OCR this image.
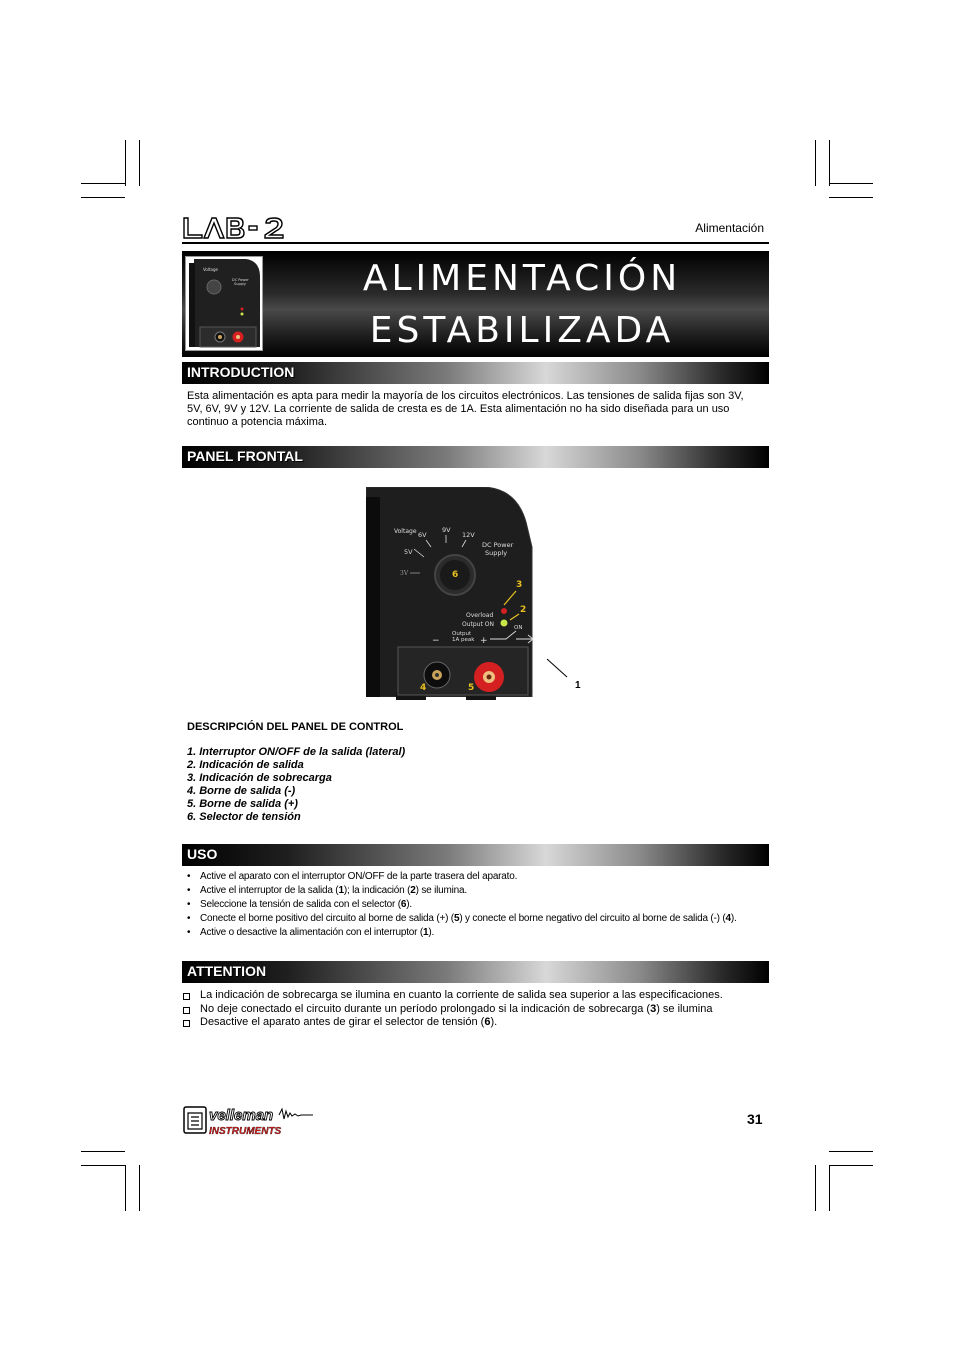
Alimentación
Voltage
DC Power
Supply	ALIMENTACIÓN
ESTABILIZADA
INTRODUCTION
Esta alimentación es apta para medir la mayoría de los circuitos electrónicos. Las tensiones de salida fijas son 3V,
5V, 6V, 9V y 12V. La corriente de salida de cresta es de 1A. Esta alimentación no ha sido diseñada para un uso
continuo a potencia máxima.
PANEL FRONTAL
Voltage 6V
9V
12V
5V
3V
DC Power
Supply
6
3
2
Overload
Output ON	ON
−
Output
1A peak +
4	5	1
DESCRIPCIÓN DEL PANEL DE CONTROL
1. Interruptor ON/OFF de la salida (lateral)
2. Indicación de salida
3. Indicación de sobrecarga
4. Borne de salida (-)
5. Borne de salida (+)
6. Selector de tensión
USO
• Active el aparato con el interruptor ON/OFF de la parte trasera del aparato.
• Active el interruptor de la salida (1); la indicación (2) se ilumina.
• Seleccione la tensión de salida con el selector (6).
• Conecte el borne positivo del circuito al borne de salida (+) (5) y conecte el borne negativo del circuito al borne de salida (-) (4).
• Active o desactive la alimentación con el interruptor (1).
ATTENTION
La indicación de sobrecarga se ilumina en cuanto la corriente de salida sea superior a las especificaciones.
No deje conectado el circuito durante un período prolongado si la indicación de sobrecarga (3) se ilumina
Desactive el aparato antes de girar el selector de tensión (6).
velleman
INSTRUMENTS
31
